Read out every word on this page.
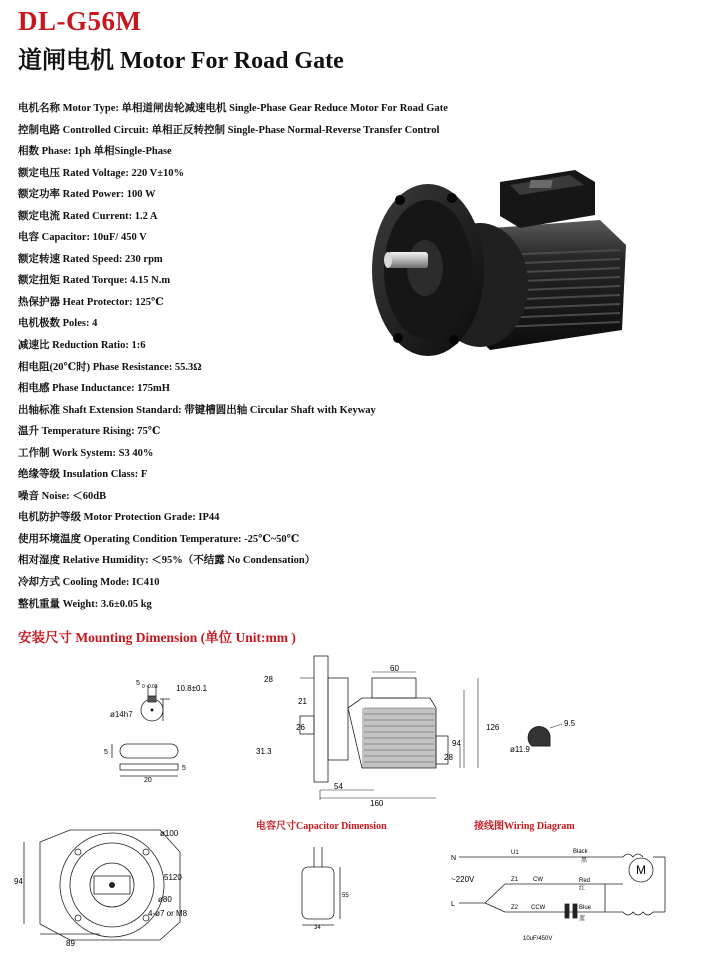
DL-G56M
道闸电机 Motor For Road Gate
电机名称 Motor Type: 单相道闸齿轮减速电机 Single-Phase Gear Reduce Motor For Road Gate
控制电路 Controlled Circuit: 单相正反转控制 Single-Phase Normal-Reverse Transfer Control
相数 Phase: 1ph 单相Single-Phase
额定电压 Rated Voltage: 220 V±10%
额定功率 Rated Power: 100 W
额定电流 Rated Current: 1.2 A
电容 Capacitor: 10uF/ 450 V
额定转速 Rated Speed: 230 rpm
额定扭矩 Rated Torque: 4.15 N.m
热保护器 Heat Protector: 125℃
电机极数 Poles: 4
减速比 Reduction Ratio: 1:6
相电阻(20℃时) Phase Resistance: 55.3Ω
相电感 Phase Inductance: 175mH
出轴标准 Shaft Extension Standard: 带键槽圆出轴 Circular Shaft with Keyway
温升 Temperature Rising: 75℃
工作制 Work System: S3 40%
绝缘等级 Insulation Class: F
噪音 Noise: ＜60dB
电机防护等级 Motor Protection Grade: IP44
使用环境温度 Operating Condition Temperature: -25℃~50℃
相对湿度 Relative Humidity: ＜95%（不结露 No Condensation）
冷却方式 Cooling Mode: IC410
整机重量 Weight: 3.6±0.05 kg
安装尺寸 Mounting Dimension (单位 Unit:mm )
5 0 -0.03 10.8±0.1
ø14h7
5
20
5
28
60
21
26
31.3
126
94
28
54
160
9.5
ø11.9
ø100
5120
ø80
4-ø7 or M8
94
89
电容尺寸Capacitor Dimension
55
34
接线图Wiring Diagram
N
L
~220V
U1
Z1 CW
Z2 CCW
Black
黑
Red
红
Blue
蓝
M
10uF/450V
